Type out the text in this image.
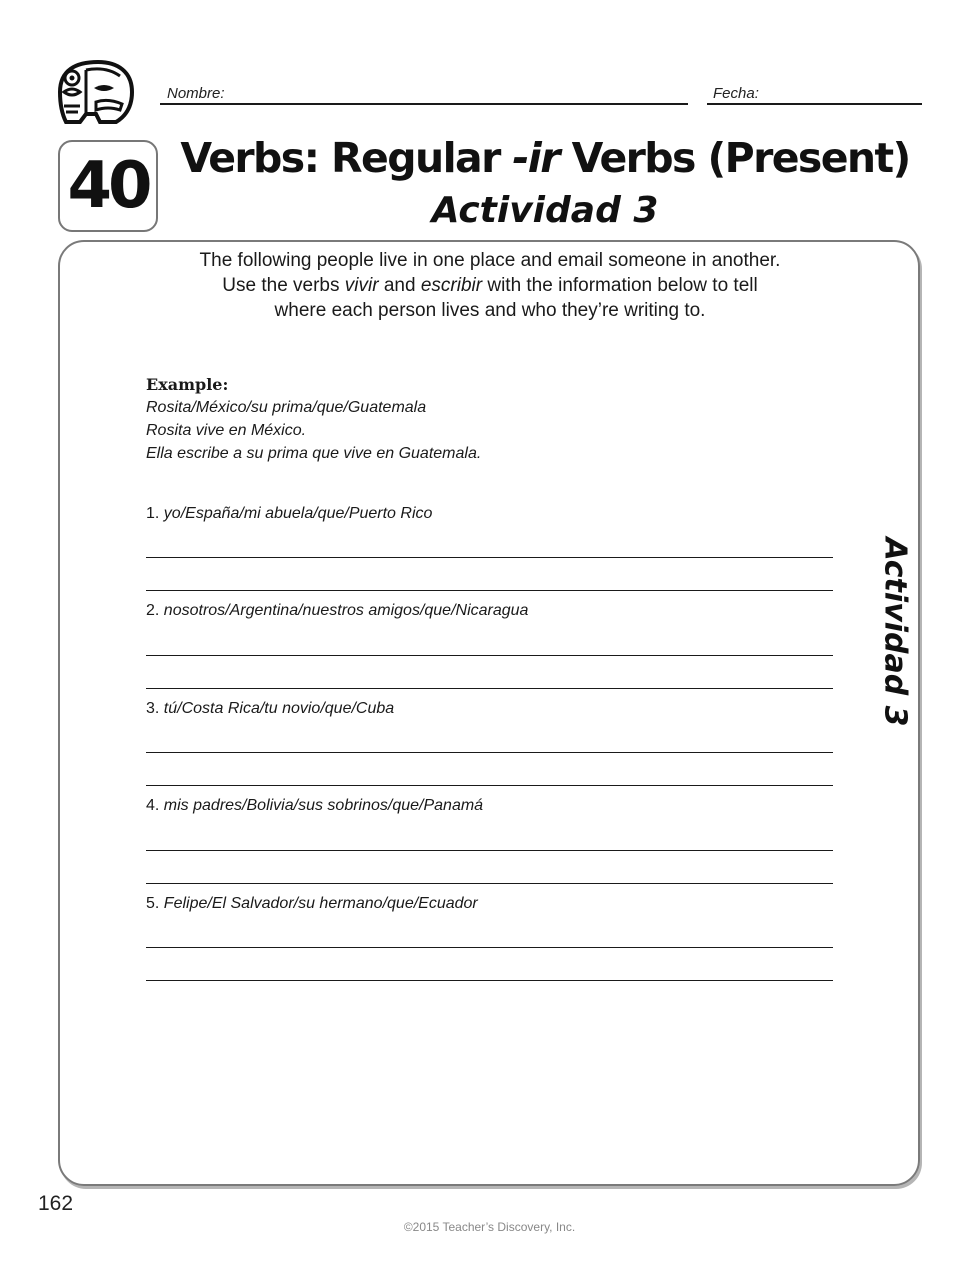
Nombre:	Fecha:
40 Verbs: Regular -ir Verbs (Present)
Actividad 3
The following people live in one place and email someone in another.
Use the verbs vivir and escribir with the information below to tell
where each person lives and who they’re writing to.
Example:
Rosita/México/su prima/que/Guatemala
Rosita vive en México.
Ella escribe a su prima que vive en Guatemala.
1. yo/España/mi abuela/que/Puerto Rico
2. nosotros/Argentina/nuestros amigos/que/Nicaragua
3. tú/Costa Rica/tu novio/que/Cuba
4. mis padres/Bolivia/sus sobrinos/que/Panamá
5. Felipe/El Salvador/su hermano/que/Ecuador
Actividad 3
162
©2015 Teacher’s Discovery, Inc.
